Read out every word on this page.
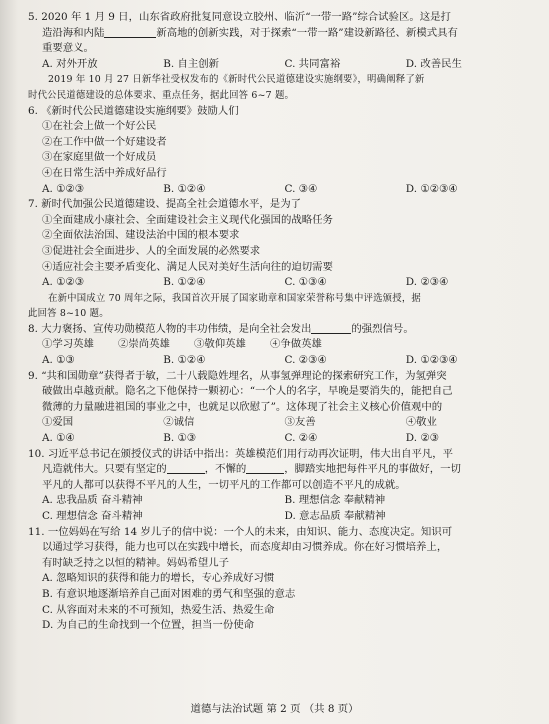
5. 2020 年 1 月 9 日，山东省政府批复同意设立胶州、临沂“一带一路”综合试验区。这是打
造沿海和内陆	新高地的创新实践，对于探索“一带一路”建设新路径、新模式具有
重要意义。
A. 对外开放	B. 自主创新	C. 共同富裕	D. 改善民生
2019 年 10 月 27 日新华社受权发布的《新时代公民道德建设实施纲要》，明确阐释了新
时代公民道德建设的总体要求、重点任务，据此回答 6~7 题。
6. 《新时代公民道德建设实施纲要》鼓励人们
①在社会上做一个好公民
②在工作中做一个好建设者
③在家庭里做一个好成员
④在日常生活中养成好品行
A. ①②③	B. ①②④	C. ③④	D. ①②③④
7. 新时代加强公民道德建设、提高全社会道德水平，是为了
①全面建成小康社会、全面建设社会主义现代化强国的战略任务
②全面依法治国、建设法治中国的根本要求
③促进社会全面进步、人的全面发展的必然要求
④适应社会主要矛盾变化、满足人民对美好生活向往的迫切需要
A. ①②③	B. ①②④	C. ①③④	D. ②③④
在新中国成立 70 周年之际，我国首次开展了国家勋章和国家荣誉称号集中评选颁授，据
此回答 8~10 题。
8. 大力褒扬、宣传功勋模范人物的丰功伟绩，是向全社会发出	的强烈信号。
①学习英雄	②崇尚英雄	③敬仰英雄	④争做英雄
A. ①③	B. ①②④	C. ②③④	D. ①②③④
9. “共和国勋章”获得者于敏，二十八载隐姓埋名，从事氢弹理论的探索研究工作，为氢弹突
破做出卓越贡献。隐名之下他保持一颗初心：“一个人的名字，早晚是要消失的，能把自己
微薄的力量融进祖国的事业之中，也就足以欣慰了”。这体现了社会主义核心价值观中的
①爱国	②诚信	③友善	④敬业
A. ①④	B. ①③	C. ②④	D. ②③
10. 习近平总书记在颁授仪式的讲话中指出：英雄模范们用行动再次证明，伟大出自平凡，平
凡造就伟大。只要有坚定的	，不懈的	，脚踏实地把每件平凡的事做好，一切
平凡的人都可以获得不平凡的人生，一切平凡的工作都可以创造不平凡的成就。
A. 忠我品质 奋斗精神	B. 理想信念 奉献精神
C. 理想信念 奋斗精神	D. 意志品质 奉献精神
11. 一位妈妈在写给 14 岁儿子的信中说：一个人的未来，由知识、能力、态度决定。知识可
以通过学习获得，能力也可以在实践中增长，而态度却由习惯养成。你在好习惯培养上，
有时缺乏持之以恒的精神。妈妈希望儿子
A. 忽略知识的获得和能力的增长，专心养成好习惯
B. 有意识地逐渐培养自己面对困难的勇气和坚强的意志
C. 从容面对未来的不可预知，热爱生活、热爱生命
D. 为自己的生命找到一个位置，担当一份使命
道德与法治试题 第 2 页 （共 8 页）
